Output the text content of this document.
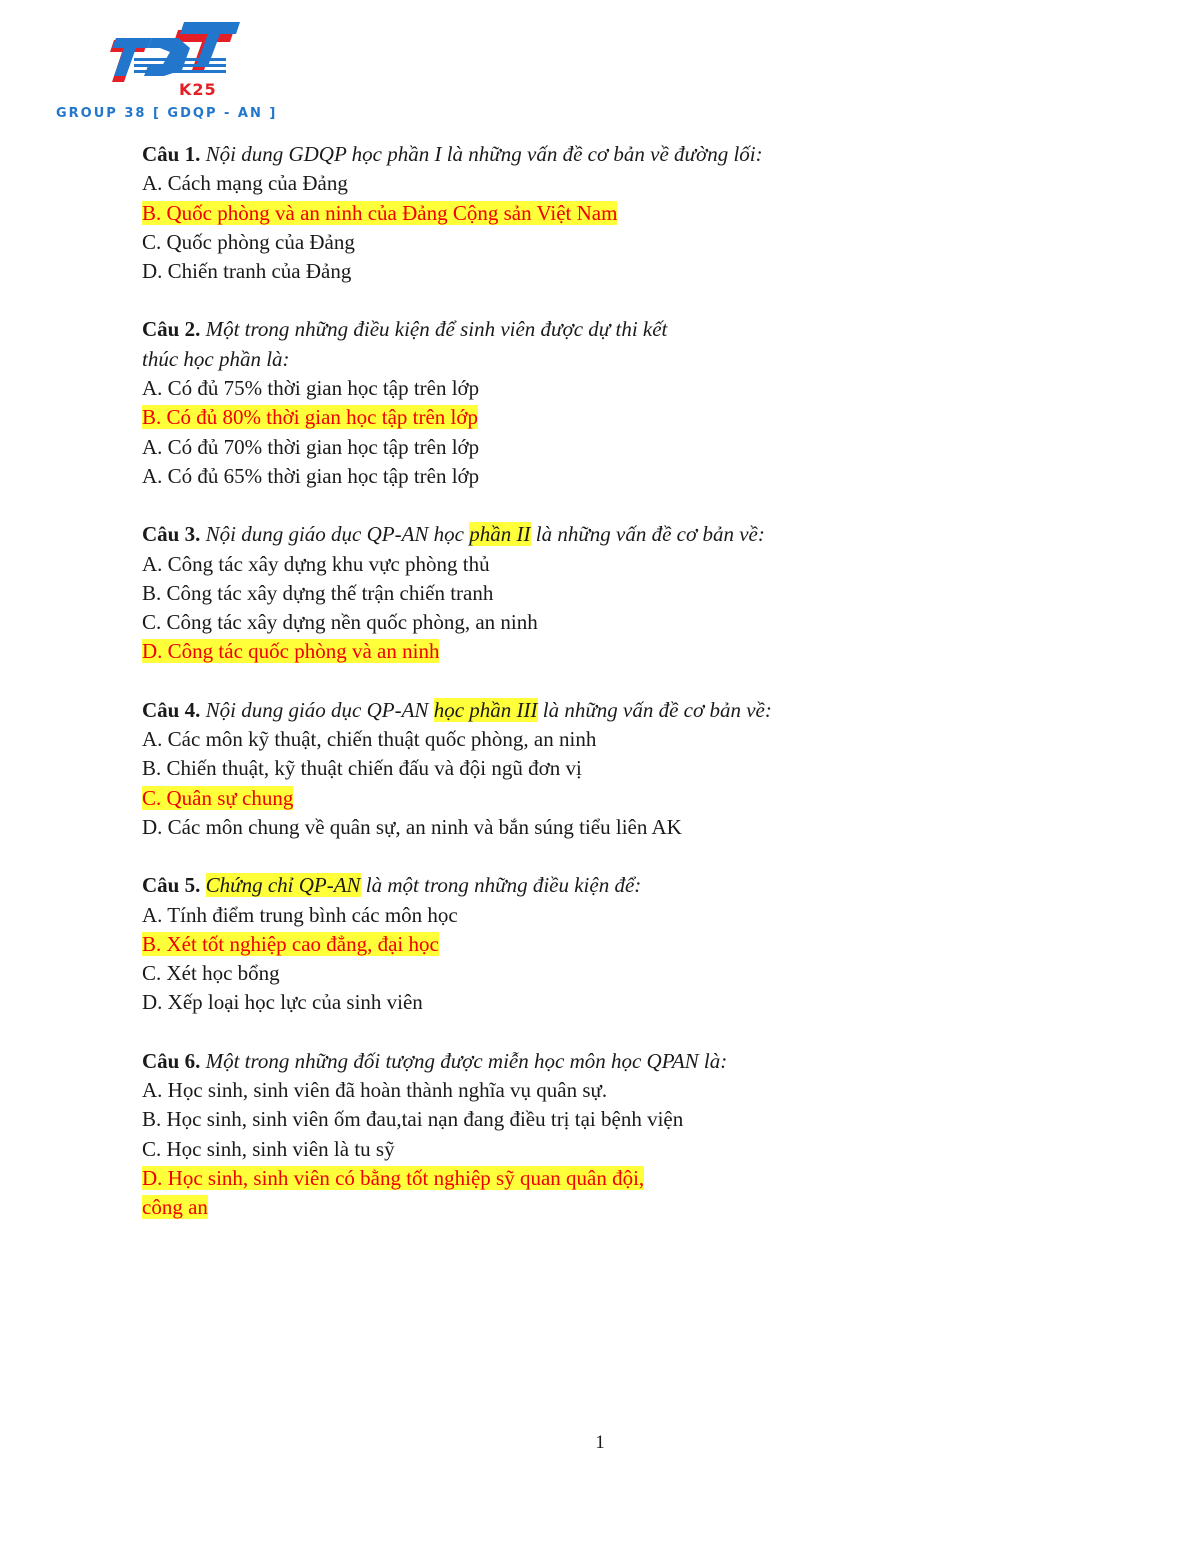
K25
GROUP 38 [ GDQP - AN ]
Câu 1. Nội dung GDQP học phần I là những vấn đề cơ bản về đường lối:
A. Cách mạng của Đảng
B. Quốc phòng và an ninh của Đảng Cộng sản Việt Nam
C. Quốc phòng của Đảng
D. Chiến tranh của Đảng
Câu 2. Một trong những điều kiện để sinh viên được dự thi kết
thúc học phần là:
A. Có đủ 75% thời gian học tập trên lớp
B. Có đủ 80% thời gian học tập trên lớp
A. Có đủ 70% thời gian học tập trên lớp
A. Có đủ 65% thời gian học tập trên lớp
Câu 3. Nội dung giáo dục QP-AN học phần II là những vấn đề cơ bản về:
A. Công tác xây dựng khu vực phòng thủ
B. Công tác xây dựng thế trận chiến tranh
C. Công tác xây dựng nền quốc phòng, an ninh
D. Công tác quốc phòng và an ninh
Câu 4. Nội dung giáo dục QP-AN học phần III là những vấn đề cơ bản về:
A. Các môn kỹ thuật, chiến thuật quốc phòng, an ninh
B. Chiến thuật, kỹ thuật chiến đấu và đội ngũ đơn vị
C. Quân sự chung
D. Các môn chung về quân sự, an ninh và bắn súng tiểu liên AK
Câu 5. Chứng chỉ QP-AN là một trong những điều kiện để:
A. Tính điểm trung bình các môn học
B. Xét tốt nghiệp cao đẳng, đại học
C. Xét học bổng
D. Xếp loại học lực của sinh viên
Câu 6. Một trong những đối tượng được miễn học môn học QPAN là:
A. Học sinh, sinh viên đã hoàn thành nghĩa vụ quân sự.
B. Học sinh, sinh viên ốm đau,tai nạn đang điều trị tại bệnh viện
C. Học sinh, sinh viên là tu sỹ
D. Học sinh, sinh viên có bằng tốt nghiệp sỹ quan quân đội,
công an
1
